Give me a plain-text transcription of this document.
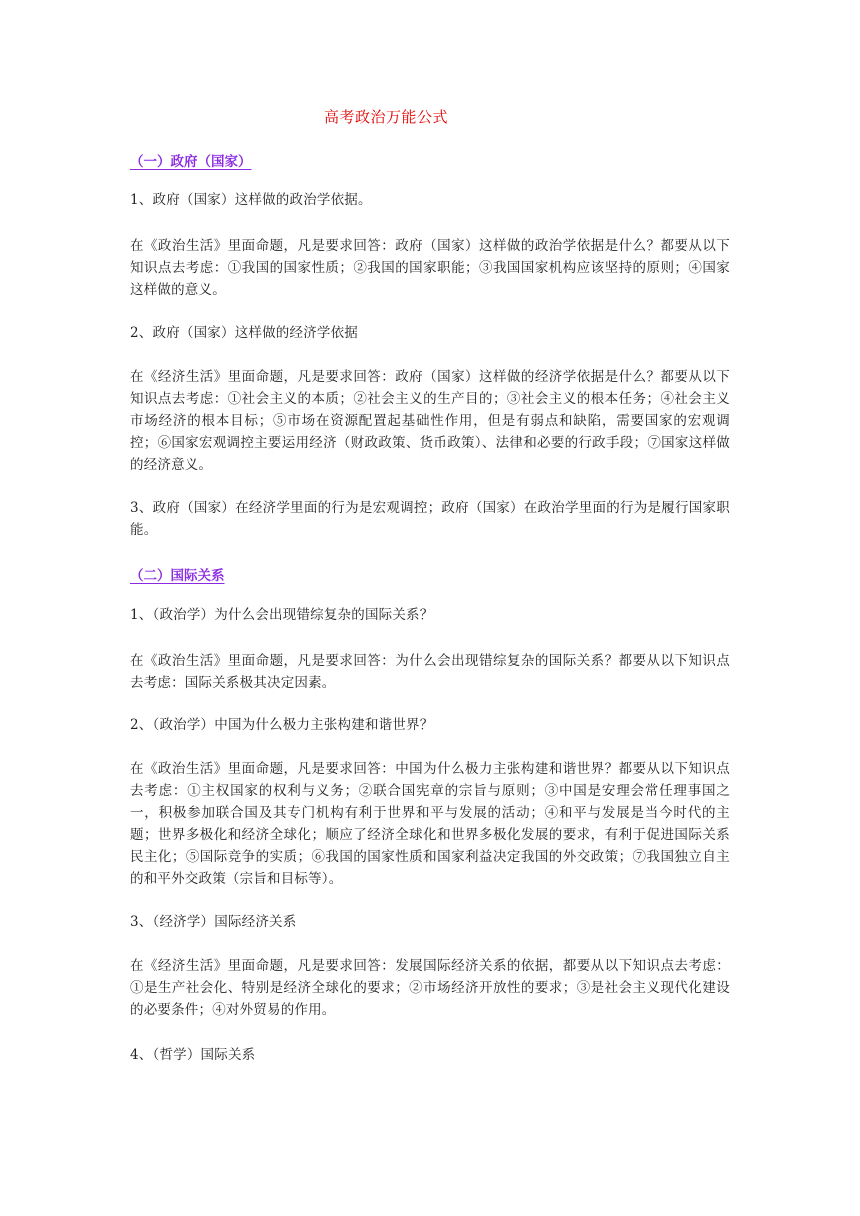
高考政治万能公式
（一）政府（国家）
1、政府（国家）这样做的政治学依据。
在《政治生活》里面命题，凡是要求回答：政府（国家）这样做的政治学依据是什么？都要从以下知识点去考虑：①我国的国家性质；②我国的国家职能；③我国国家机构应该坚持的原则；④国家这样做的意义。
2、政府（国家）这样做的经济学依据
在《经济生活》里面命题，凡是要求回答：政府（国家）这样做的经济学依据是什么？都要从以下知识点去考虑：①社会主义的本质；②社会主义的生产目的；③社会主义的根本任务；④社会主义市场经济的根本目标；⑤市场在资源配置起基础性作用，但是有弱点和缺陷，需要国家的宏观调控；⑥国家宏观调控主要运用经济（财政政策、货币政策）、法律和必要的行政手段；⑦国家这样做的经济意义。
3、政府（国家）在经济学里面的行为是宏观调控；政府（国家）在政治学里面的行为是履行国家职能。
（二）国际关系
1、（政治学）为什么会出现错综复杂的国际关系？
在《政治生活》里面命题，凡是要求回答：为什么会出现错综复杂的国际关系？都要从以下知识点去考虑：国际关系极其决定因素。
2、（政治学）中国为什么极力主张构建和谐世界？
在《政治生活》里面命题，凡是要求回答：中国为什么极力主张构建和谐世界？都要从以下知识点去考虑：①主权国家的权利与义务；②联合国宪章的宗旨与原则；③中国是安理会常任理事国之一，积极参加联合国及其专门机构有利于世界和平与发展的活动；④和平与发展是当今时代的主题；世界多极化和经济全球化；顺应了经济全球化和世界多极化发展的要求，有利于促进国际关系民主化；⑤国际竞争的实质；⑥我国的国家性质和国家利益决定我国的外交政策；⑦我国独立自主的和平外交政策（宗旨和目标等）。
3、（经济学）国际经济关系
在《经济生活》里面命题，凡是要求回答：发展国际经济关系的依据，都要从以下知识点去考虑：①是生产社会化、特别是经济全球化的要求；②市场经济开放性的要求；③是社会主义现代化建设的必要条件；④对外贸易的作用。
4、（哲学）国际关系
